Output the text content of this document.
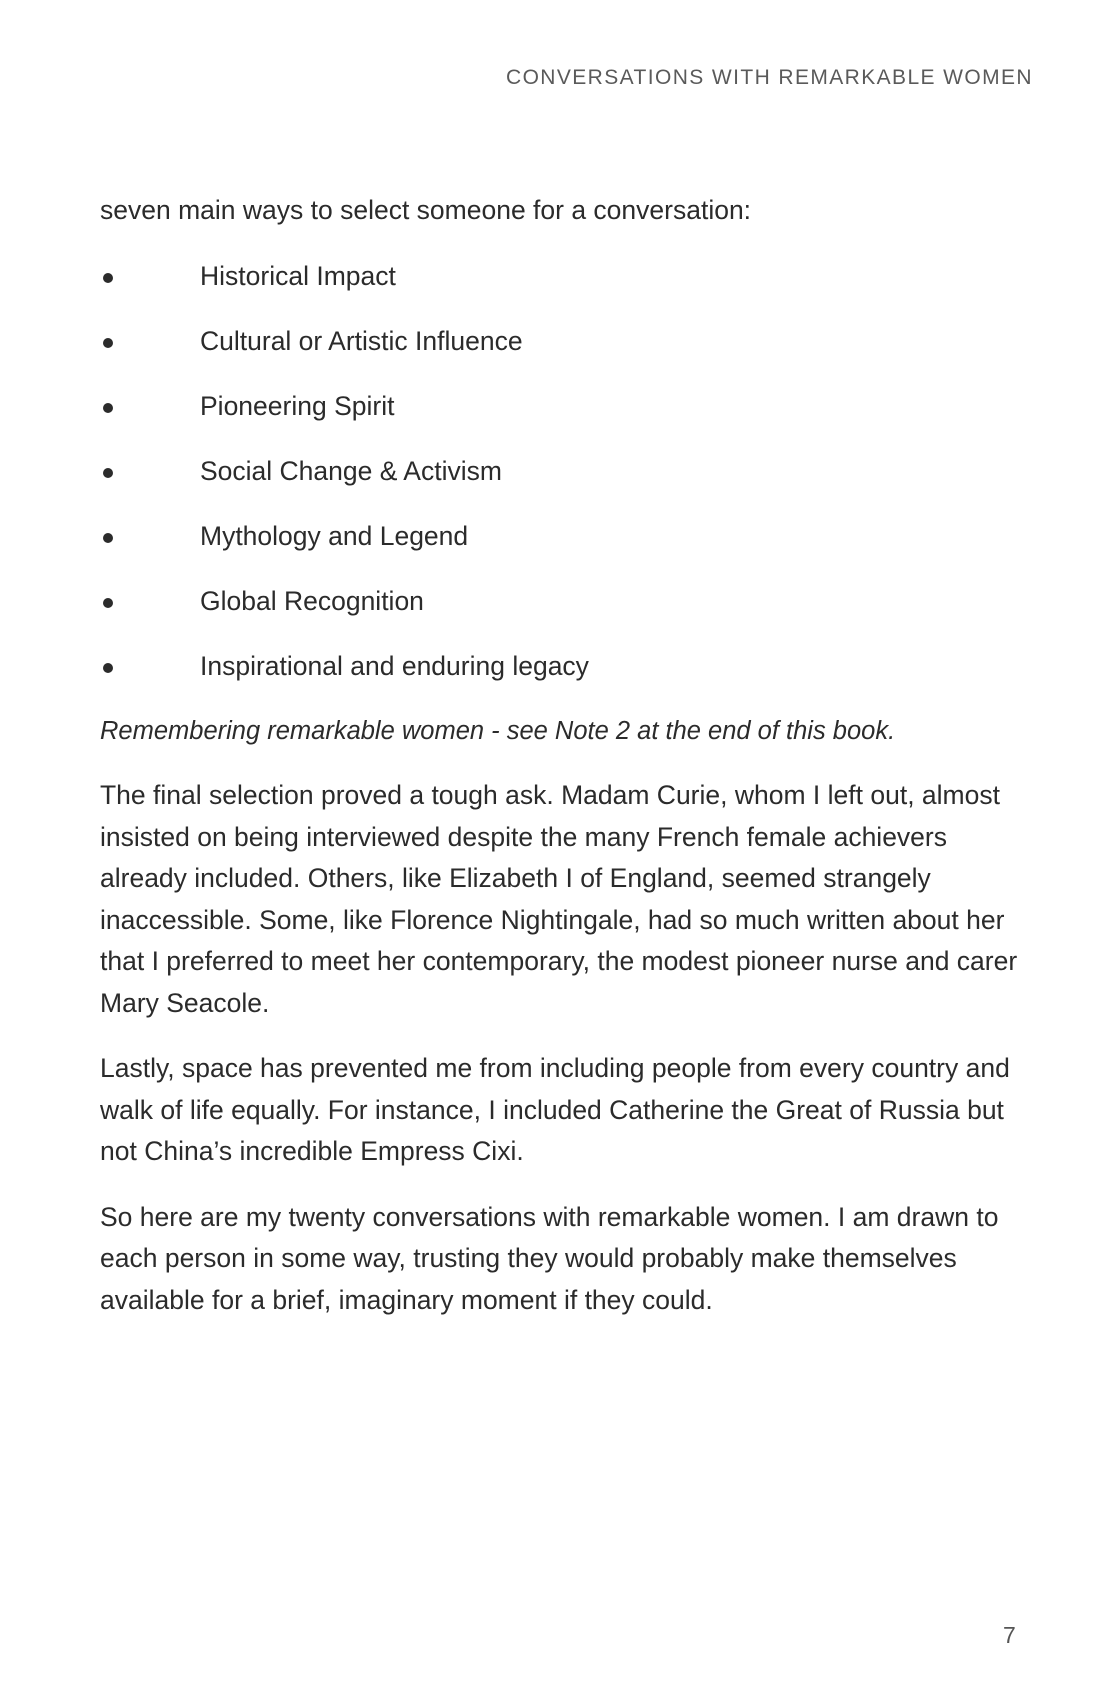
CONVERSATIONS WITH REMARKABLE WOMEN

seven main ways to select someone for a conversation:

Historical Impact
Cultural or Artistic Influence
Pioneering Spirit
Social Change & Activism
Mythology and Legend
Global Recognition
Inspirational and enduring legacy

Remembering remarkable women - see Note 2 at the end of this book.

The final selection proved a tough ask. Madam Curie, whom I left out, almost insisted on being interviewed despite the many French female achievers already included. Others, like Elizabeth I of England, seemed strangely inaccessible. Some, like Florence Nightingale, had so much written about her that I preferred to meet her contemporary, the modest pioneer nurse and carer Mary Seacole.

Lastly, space has prevented me from including people from every country and walk of life equally. For instance, I included Catherine the Great of Russia but not China’s incredible Empress Cixi.

So here are my twenty conversations with remarkable women. I am drawn to each person in some way, trusting they would probably make themselves available for a brief, imaginary moment if they could.

7
